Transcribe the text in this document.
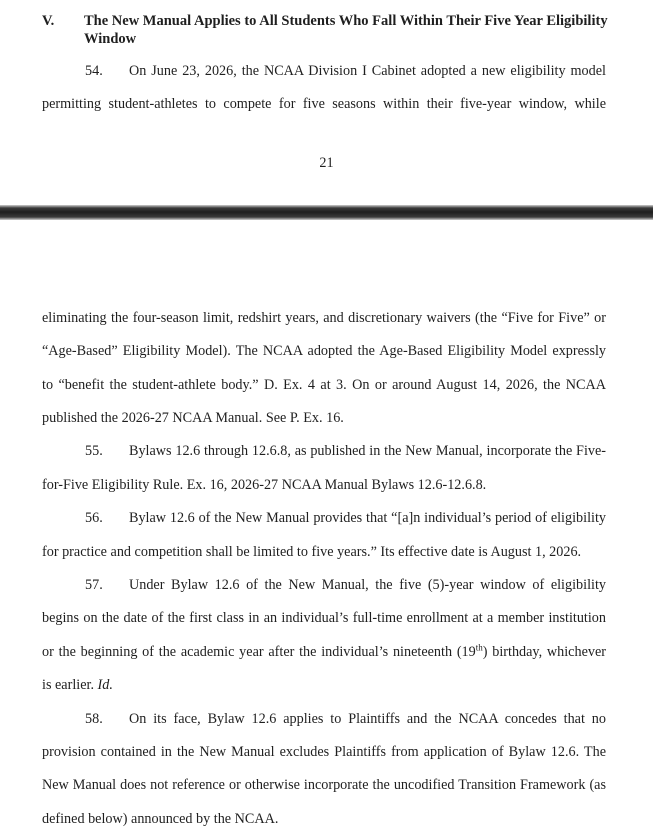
V. The New Manual Applies to All Students Who Fall Within Their Five Year Eligibility
Window
54. On June 23, 2026, the NCAA Division I Cabinet adopted a new eligibility model
permitting student-athletes to compete for five seasons within their five-year window, while
21
eliminating the four-season limit, redshirt years, and discretionary waivers (the “Five for Five” or
“Age-Based” Eligibility Model). The NCAA adopted the Age-Based Eligibility Model expressly
to “benefit the student-athlete body.” D. Ex. 4 at 3. On or around August 14, 2026, the NCAA
published the 2026-27 NCAA Manual. See P. Ex. 16.
55. Bylaws 12.6 through 12.6.8, as published in the New Manual, incorporate the Five-
for-Five Eligibility Rule. Ex. 16, 2026-27 NCAA Manual Bylaws 12.6-12.6.8.
56. Bylaw 12.6 of the New Manual provides that “[a]n individual’s period of eligibility
for practice and competition shall be limited to five years.” Its effective date is August 1, 2026.
57. Under Bylaw 12.6 of the New Manual, the five (5)-year window of eligibility
begins on the date of the first class in an individual’s full-time enrollment at a member institution
or the beginning of the academic year after the individual’s nineteenth (19th) birthday, whichever
is earlier. Id.
58. On its face, Bylaw 12.6 applies to Plaintiffs and the NCAA concedes that no
provision contained in the New Manual excludes Plaintiffs from application of Bylaw 12.6. The
New Manual does not reference or otherwise incorporate the uncodified Transition Framework (as
defined below) announced by the NCAA.
